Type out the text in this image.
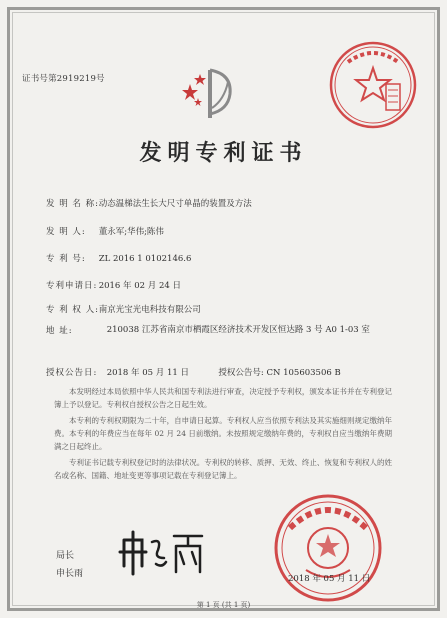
证书号第2919219号
发明专利证书
发 明 名 称: 动态温梯法生长大尺寸单晶的装置及方法
发 明 人: 董永军;华伟;陈伟
专 利 号: ZL 2016 1 0102146.6
专利申请日: 2016 年 02 月 24 日
专 利 权 人: 南京光宝光电科技有限公司
地 址:	210038 江苏省南京市栖霞区经济技术开发区恒达路 3 号 A0 1-03 室
授权公告日: 2018 年 05 月 11 日	授权公告号: CN 105603506 B

本发明经过本局依照中华人民共和国专利法进行审查，决定授予专利权，颁发本证书并在专利登记簿上予以登记。专利权自授权公告之日起生效。

本专利的专利权期限为二十年，自申请日起算。专利权人应当依照专利法及其实施细则规定缴纳年费。本专利的年费应当在每年 02 月 24 日前缴纳。未按照规定缴纳年费的，专利权自应当缴纳年费期满之日起终止。

专利证书记载专利权登记时的法律状况。专利权的转移、质押、无效、终止、恢复和专利权人的姓名或名称、国籍、地址变更等事项记载在专利登记簿上。

局长
申长雨	2018 年 05 月 11 日
第 1 页 (共 1 页)
